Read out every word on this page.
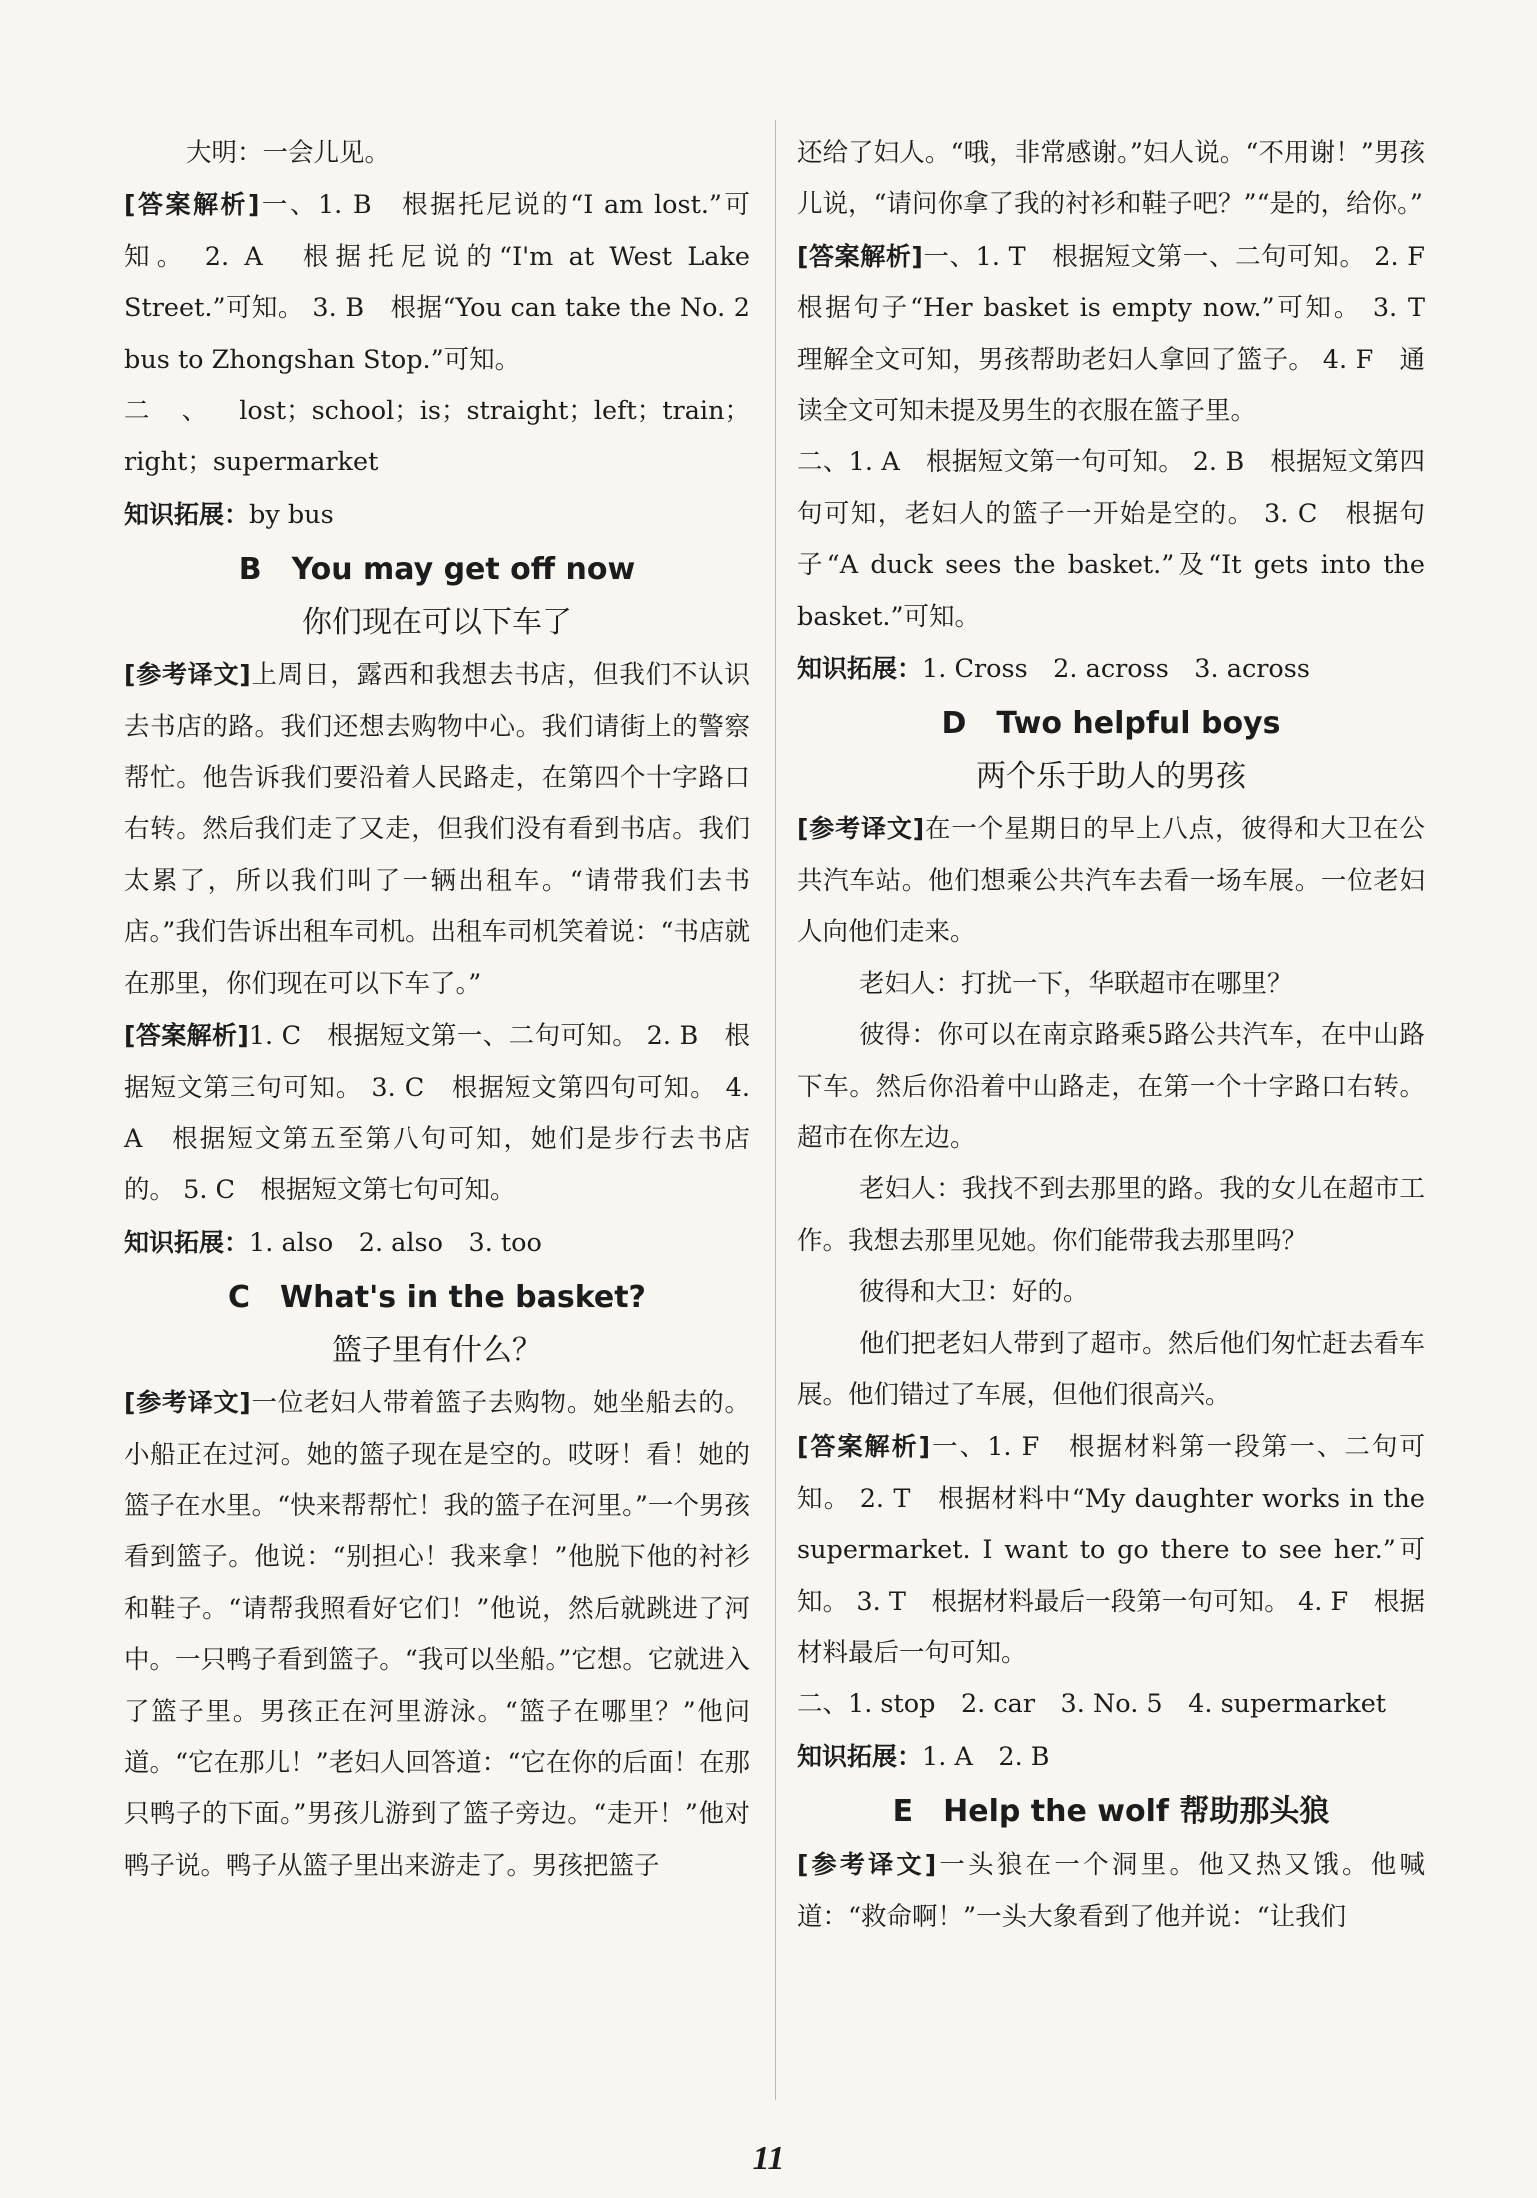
大明：一会儿见。

[答案解析]一、1. B　根据托尼说的“I am lost.”可知。 2. A　根据托尼说的“I'm at West Lake Street.”可知。 3. B　根据“You can take the No. 2 bus to Zhongshan Stop.”可知。

二、lost；school；is；straight；left；train；right；supermarket

知识拓展：by bus

B　You may get off now
你们现在可以下车了

[参考译文]上周日，露西和我想去书店，但我们不认识去书店的路。我们还想去购物中心。我们请街上的警察帮忙。他告诉我们要沿着人民路走，在第四个十字路口右转。然后我们走了又走，但我们没有看到书店。我们太累了，所以我们叫了一辆出租车。“请带我们去书店。”我们告诉出租车司机。出租车司机笑着说：“书店就在那里，你们现在可以下车了。”

[答案解析]1. C　根据短文第一、二句可知。 2. B　根据短文第三句可知。 3. C　根据短文第四句可知。 4. A　根据短文第五至第八句可知，她们是步行去书店的。 5. C　根据短文第七句可知。

知识拓展：1. also　2. also　3. too

C　What's in the basket?
篮子里有什么？

[参考译文]一位老妇人带着篮子去购物。她坐船去的。小船正在过河。她的篮子现在是空的。哎呀！看！她的篮子在水里。“快来帮帮忙！我的篮子在河里。”一个男孩看到篮子。他说：“别担心！我来拿！”他脱下他的衬衫和鞋子。“请帮我照看好它们！”他说，然后就跳进了河中。一只鸭子看到篮子。“我可以坐船。”它想。它就进入了篮子里。男孩正在河里游泳。“篮子在哪里？”他问道。“它在那儿！”老妇人回答道：“它在你的后面！在那只鸭子的下面。”男孩儿游到了篮子旁边。“走开！”他对鸭子说。鸭子从篮子里出来游走了。男孩把篮子

还给了妇人。“哦，非常感谢。”妇人说。“不用谢！”男孩儿说，“请问你拿了我的衬衫和鞋子吧？”“是的，给你。”

[答案解析]一、1. T　根据短文第一、二句可知。 2. F　根据句子“Her basket is empty now.”可知。 3. T　理解全文可知，男孩帮助老妇人拿回了篮子。 4. F　通读全文可知未提及男生的衣服在篮子里。

二、1. A　根据短文第一句可知。 2. B　根据短文第四句可知，老妇人的篮子一开始是空的。 3. C　根据句子“A duck sees the basket.”及“It gets into the basket.”可知。

知识拓展：1. Cross　2. across　3. across

D　Two helpful boys
两个乐于助人的男孩

[参考译文]在一个星期日的早上八点，彼得和大卫在公共汽车站。他们想乘公共汽车去看一场车展。一位老妇人向他们走来。

老妇人：打扰一下，华联超市在哪里？

彼得：你可以在南京路乘5路公共汽车，在中山路下车。然后你沿着中山路走，在第一个十字路口右转。超市在你左边。

老妇人：我找不到去那里的路。我的女儿在超市工作。我想去那里见她。你们能带我去那里吗？

彼得和大卫：好的。

他们把老妇人带到了超市。然后他们匆忙赶去看车展。他们错过了车展，但他们很高兴。

[答案解析]一、1. F　根据材料第一段第一、二句可知。 2. T　根据材料中“My daughter works in the supermarket. I want to go there to see her.”可知。 3. T　根据材料最后一段第一句可知。 4. F　根据材料最后一句可知。

二、1. stop　2. car　3. No. 5　4. supermarket

知识拓展：1. A　2. B

E　Help the wolf 帮助那头狼

[参考译文]一头狼在一个洞里。他又热又饿。他喊道：“救命啊！”一头大象看到了他并说：“让我们

11
